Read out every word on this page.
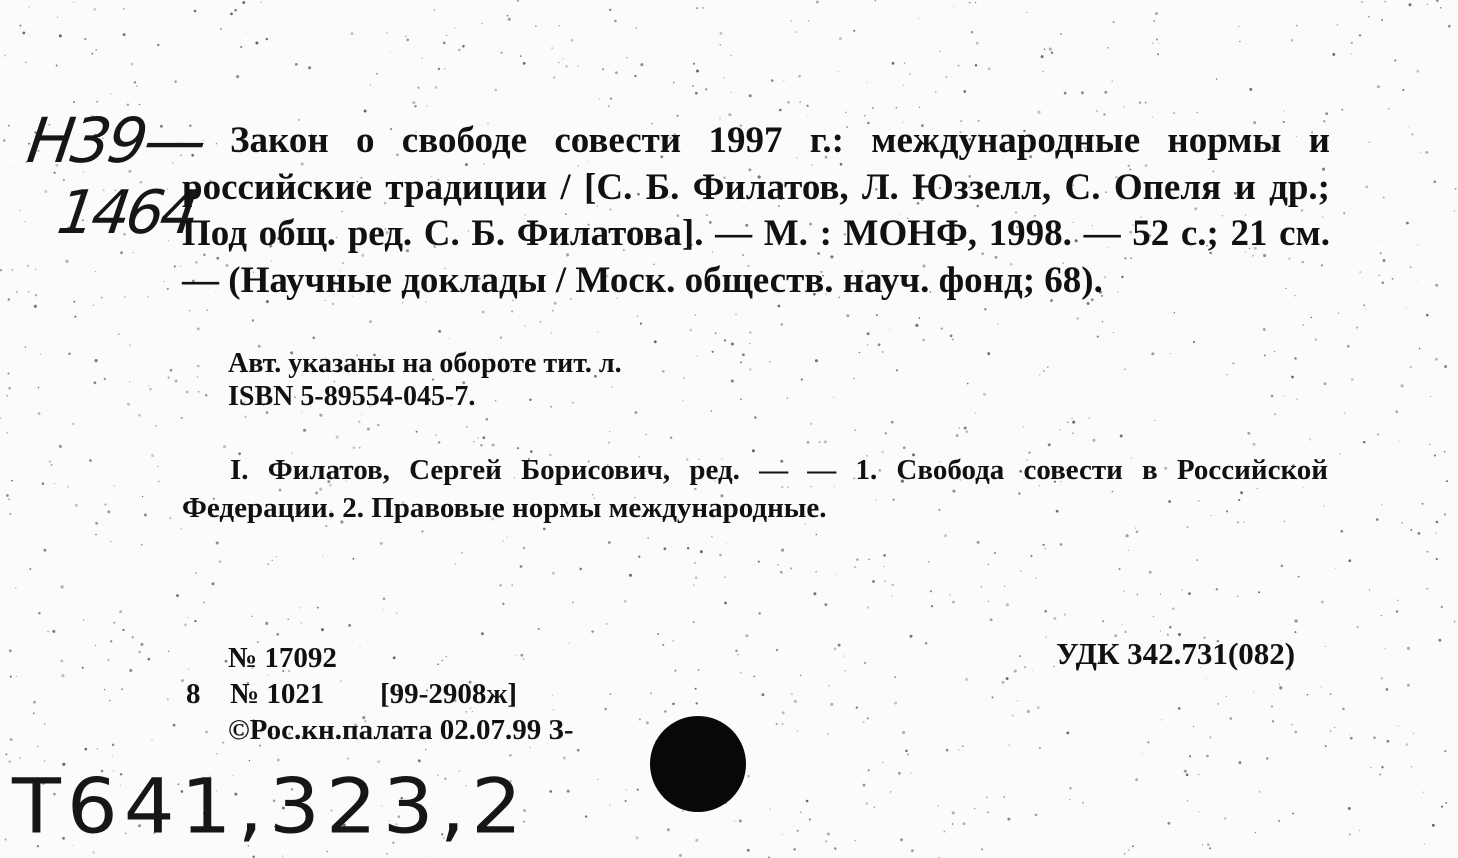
Н39—
1464

Закон о свободе совести 1997 г.: международные нормы и российские традиции / [С. Б. Филатов, Л. Юззелл, С. Опеля и др.; Под общ. ред. С. Б. Филатова]. — М. : МОНФ, 1998. — 52 с.; 21 см. — (Научные доклады / Моск. обществ. науч. фонд; 68).

Авт. указаны на обороте тит. л.

ISBN 5-89554-045-7.

I. Филатов, Сергей Борисович, ред. — — 1. Свобода совести в Российской Федерации. 2. Правовые нормы международные.

№ 17092
8 № 1021 [99-2908ж]
©Рос.кн.палата 02.07.99 З-
УДК 342.731(082)
Т641,323,2
